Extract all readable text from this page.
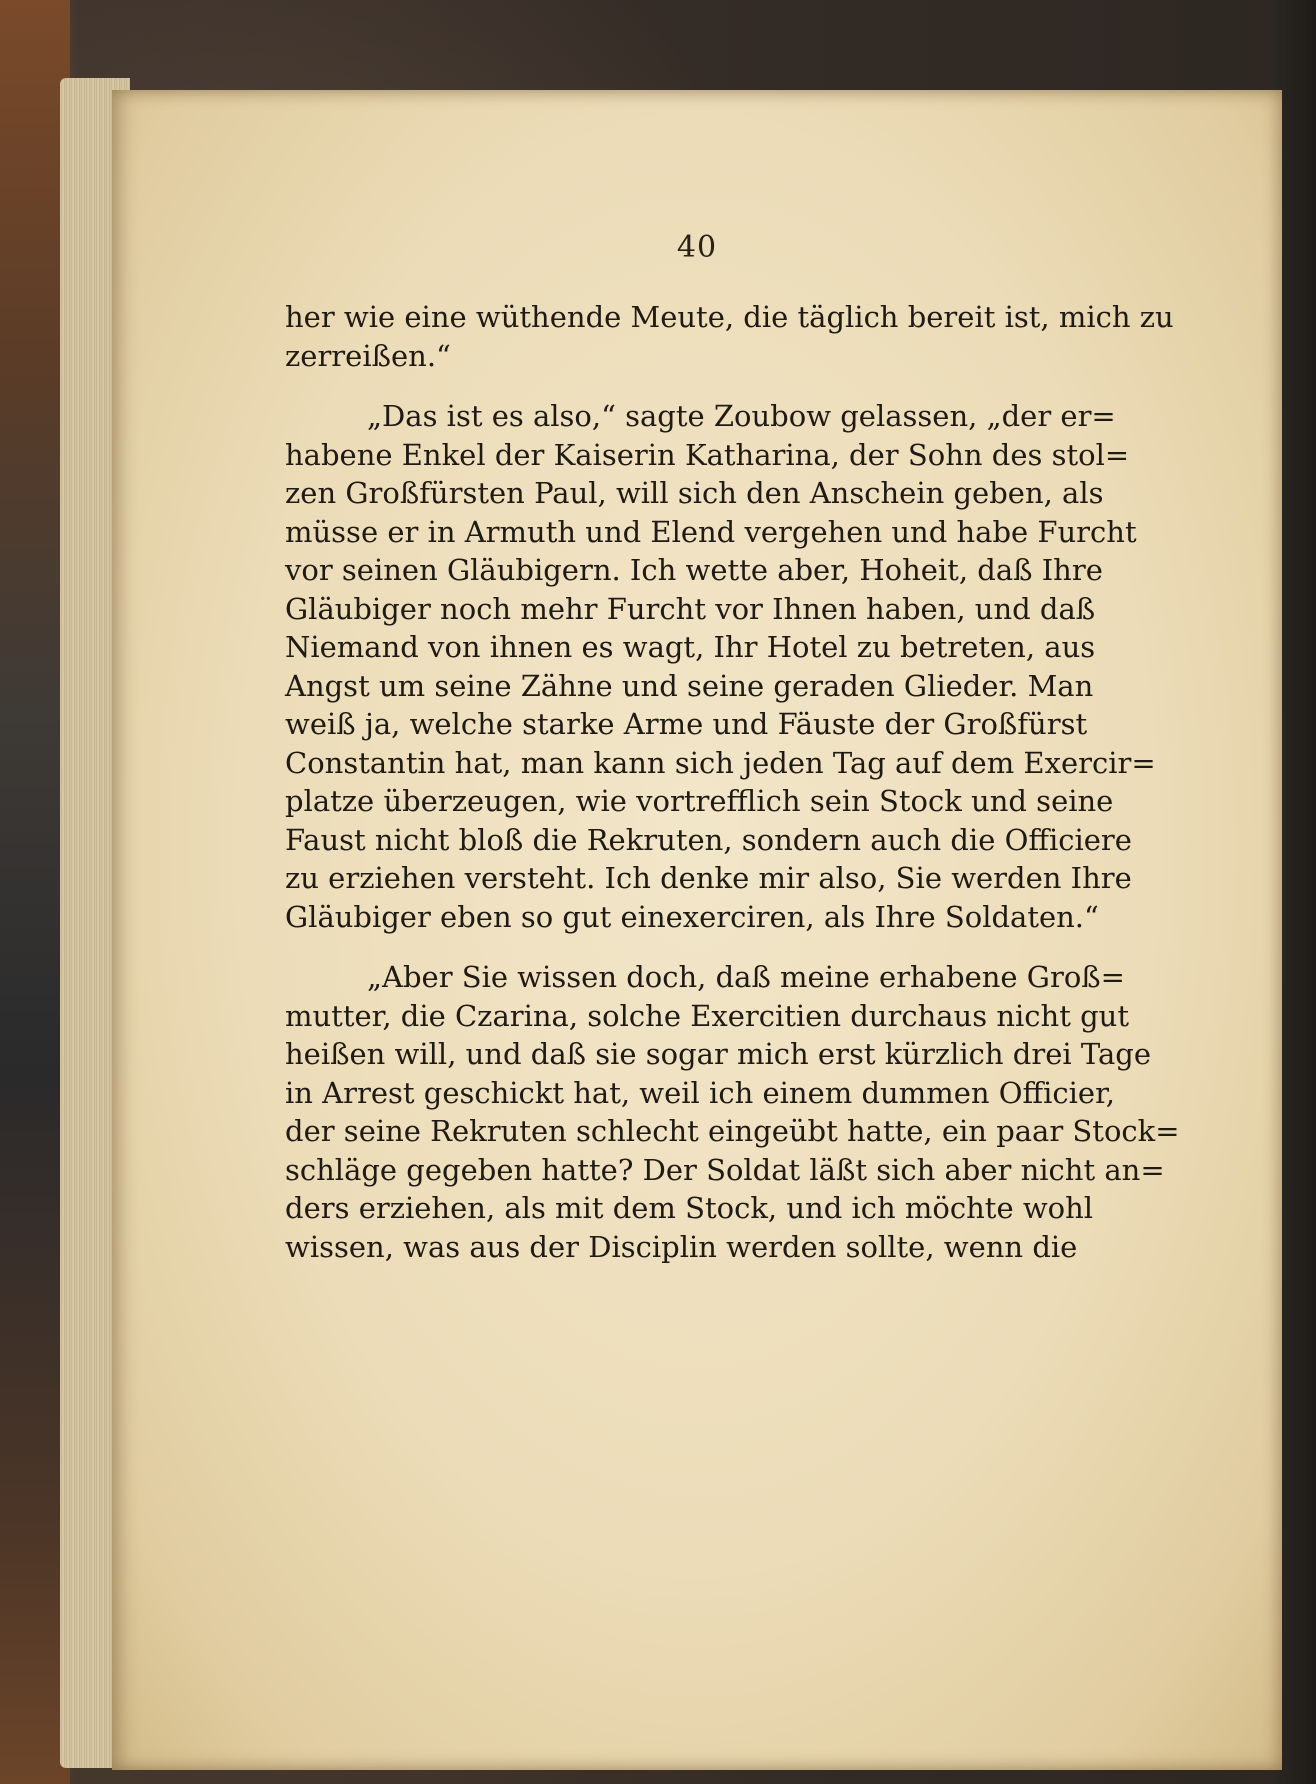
40
her wie eine wüthende Meute, die täglich bereit ist, mich zu
zerreißen.“
„Das ist es also,“ sagte Zoubow gelassen, „der er=
habene Enkel der Kaiserin Katharina, der Sohn des stol=
zen Großfürsten Paul, will sich den Anschein geben, als
müsse er in Armuth und Elend vergehen und habe Furcht
vor seinen Gläubigern. Ich wette aber, Hoheit, daß Ihre
Gläubiger noch mehr Furcht vor Ihnen haben, und daß
Niemand von ihnen es wagt, Ihr Hotel zu betreten, aus
Angst um seine Zähne und seine geraden Glieder. Man
weiß ja, welche starke Arme und Fäuste der Großfürst
Constantin hat, man kann sich jeden Tag auf dem Exercir=
platze überzeugen, wie vortrefflich sein Stock und seine
Faust nicht bloß die Rekruten, sondern auch die Officiere
zu erziehen versteht. Ich denke mir also, Sie werden Ihre
Gläubiger eben so gut einexerciren, als Ihre Soldaten.“
„Aber Sie wissen doch, daß meine erhabene Groß=
mutter, die Czarina, solche Exercitien durchaus nicht gut
heißen will, und daß sie sogar mich erst kürzlich drei Tage
in Arrest geschickt hat, weil ich einem dummen Officier,
der seine Rekruten schlecht eingeübt hatte, ein paar Stock=
schläge gegeben hatte? Der Soldat läßt sich aber nicht an=
ders erziehen, als mit dem Stock, und ich möchte wohl
wissen, was aus der Disciplin werden sollte, wenn die
